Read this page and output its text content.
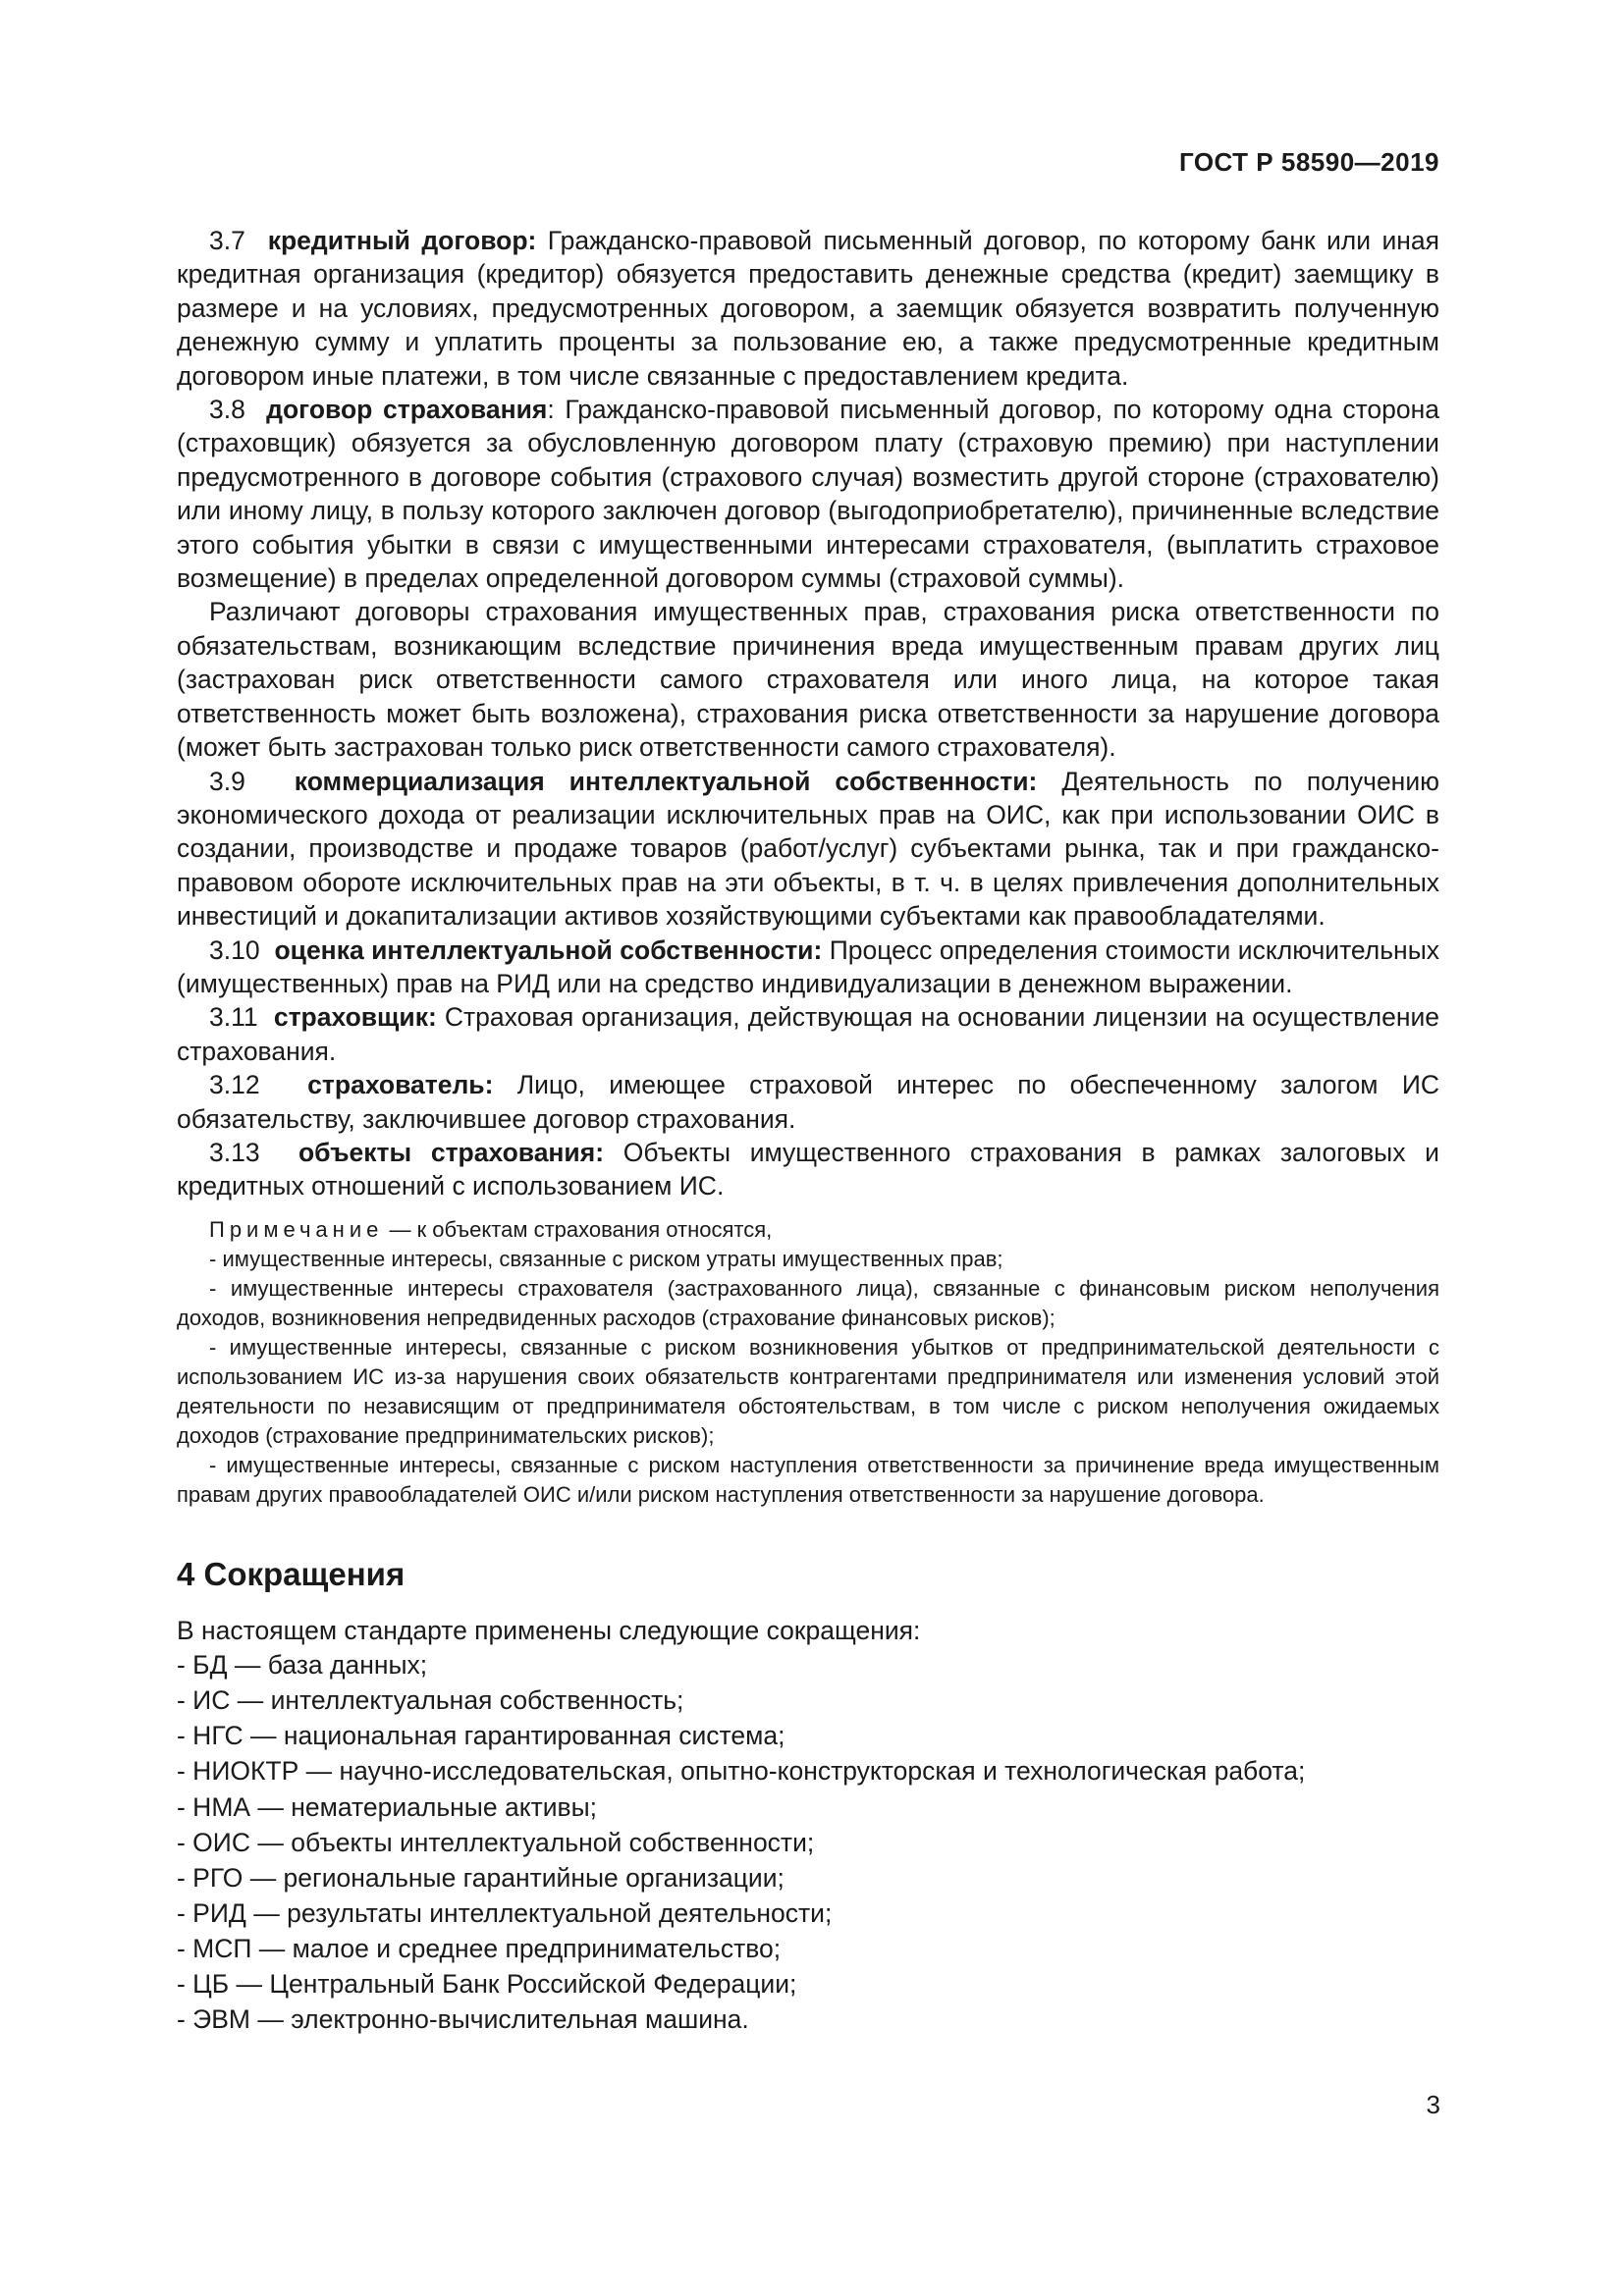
ГОСТ Р 58590—2019

3.7 кредитный договор: Гражданско-правовой письменный договор, по которому банк или иная кредитная организация (кредитор) обязуется предоставить денежные средства (кредит) заемщику в размере и на условиях, предусмотренных договором, а заемщик обязуется возвратить полученную денежную сумму и уплатить проценты за пользование ею, а также предусмотренные кредитным договором иные платежи, в том числе связанные с предоставлением кредита.

3.8 договор страхования: Гражданско-правовой письменный договор, по которому одна сторона (страховщик) обязуется за обусловленную договором плату (страховую премию) при наступлении предусмотренного в договоре события (страхового случая) возместить другой стороне (страхователю) или иному лицу, в пользу которого заключен договор (выгодоприобретателю), причиненные вследствие этого события убытки в связи с имущественными интересами страхователя, (выплатить страховое возмещение) в пределах определенной договором суммы (страховой суммы).

Различают договоры страхования имущественных прав, страхования риска ответственности по обязательствам, возникающим вследствие причинения вреда имущественным правам других лиц (застрахован риск ответственности самого страхователя или иного лица, на которое такая ответственность может быть возложена), страхования риска ответственности за нарушение договора (может быть застрахован только риск ответственности самого страхователя).

3.9 коммерциализация интеллектуальной собственности: Деятельность по получению экономического дохода от реализации исключительных прав на ОИС, как при использовании ОИС в создании, производстве и продаже товаров (работ/услуг) субъектами рынка, так и при гражданско-правовом обороте исключительных прав на эти объекты, в т. ч. в целях привлечения дополнительных инвестиций и докапитализации активов хозяйствующими субъектами как правообладателями.

3.10 оценка интеллектуальной собственности: Процесс определения стоимости исключительных (имущественных) прав на РИД или на средство индивидуализации в денежном выражении.

3.11 страховщик: Страховая организация, действующая на основании лицензии на осуществление страхования.

3.12 страхователь: Лицо, имеющее страховой интерес по обеспеченному залогом ИС обязательству, заключившее договор страхования.

3.13 объекты страхования: Объекты имущественного страхования в рамках залоговых и кредитных отношений с использованием ИС.

Примечание — к объектам страхования относятся,

- имущественные интересы, связанные с риском утраты имущественных прав;

- имущественные интересы страхователя (застрахованного лица), связанные с финансовым риском неполучения доходов, возникновения непредвиденных расходов (страхование финансовых рисков);

- имущественные интересы, связанные с риском возникновения убытков от предпринимательской деятельности с использованием ИС из-за нарушения своих обязательств контрагентами предпринимателя или изменения условий этой деятельности по независящим от предпринимателя обстоятельствам, в том числе с риском неполучения ожидаемых доходов (страхование предпринимательских рисков);

- имущественные интересы, связанные с риском наступления ответственности за причинение вреда имущественным правам других правообладателей ОИС и/или риском наступления ответственности за нарушение договора.

4 Сокращения

В настоящем стандарте применены следующие сокращения:

- БД — база данных;

- ИС — интеллектуальная собственность;

- НГС — национальная гарантированная система;

- НИОКТР — научно-исследовательская, опытно-конструкторская и технологическая работа;

- НМА — нематериальные активы;

- ОИС — объекты интеллектуальной собственности;

- РГО — региональные гарантийные организации;

- РИД — результаты интеллектуальной деятельности;

- МСП — малое и среднее предпринимательство;

- ЦБ — Центральный Банк Российской Федерации;

- ЭВМ — электронно-вычислительная машина.

3
